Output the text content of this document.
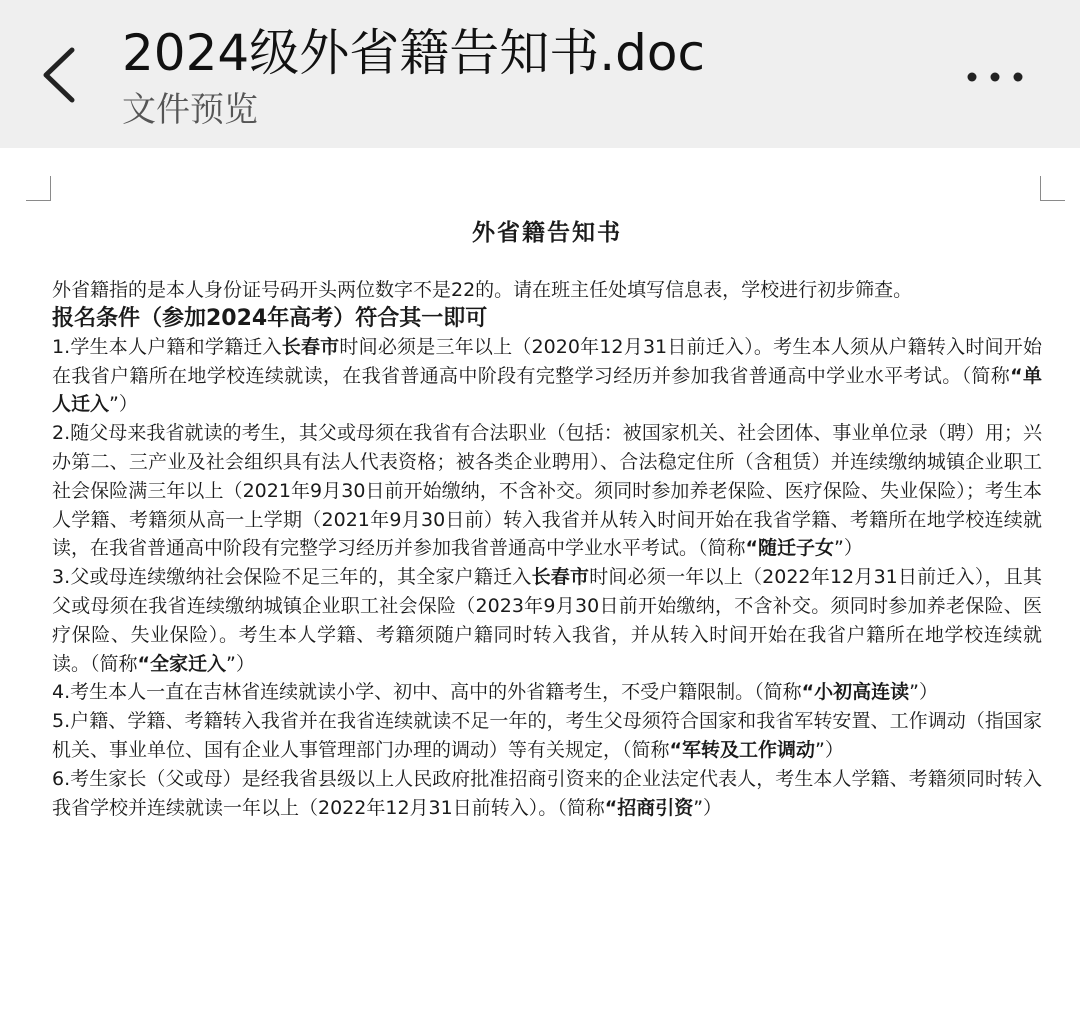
2024级外省籍告知书.doc
文件预览
外省籍告知书

外省籍指的是本人身份证号码开头两位数字不是22的。请在班主任处填写信息表，学校进行初步筛查。

报名条件（参加2024年高考）符合其一即可

1.学生本人户籍和学籍迁入长春市时间必须是三年以上（2020年12月31日前迁入）。考生本人须从户籍转入时间开始在我省户籍所在地学校连续就读，在我省普通高中阶段有完整学习经历并参加我省普通高中学业水平考试。（简称“单人迁入”）

2.随父母来我省就读的考生，其父或母须在我省有合法职业（包括：被国家机关、社会团体、事业单位录（聘）用；兴办第二、三产业及社会组织具有法人代表资格；被各类企业聘用）、合法稳定住所（含租赁）并连续缴纳城镇企业职工社会保险满三年以上（2021年9月30日前开始缴纳，不含补交。须同时参加养老保险、医疗保险、失业保险）；考生本人学籍、考籍须从高一上学期（2021年9月30日前）转入我省并从转入时间开始在我省学籍、考籍所在地学校连续就读，在我省普通高中阶段有完整学习经历并参加我省普通高中学业水平考试。（简称“随迁子女”）

3.父或母连续缴纳社会保险不足三年的，其全家户籍迁入长春市时间必须一年以上（2022年12月31日前迁入），且其父或母须在我省连续缴纳城镇企业职工社会保险（2023年9月30日前开始缴纳，不含补交。须同时参加养老保险、医疗保险、失业保险）。考生本人学籍、考籍须随户籍同时转入我省，并从转入时间开始在我省户籍所在地学校连续就读。（简称“全家迁入”）

4.考生本人一直在吉林省连续就读小学、初中、高中的外省籍考生，不受户籍限制。（简称“小初高连读”）

5.户籍、学籍、考籍转入我省并在我省连续就读不足一年的，考生父母须符合国家和我省军转安置、工作调动（指国家机关、事业单位、国有企业人事管理部门办理的调动）等有关规定，（简称“军转及工作调动”）

6.考生家长（父或母）是经我省县级以上人民政府批准招商引资来的企业法定代表人，考生本人学籍、考籍须同时转入我省学校并连续就读一年以上（2022年12月31日前转入）。（简称“招商引资”）
